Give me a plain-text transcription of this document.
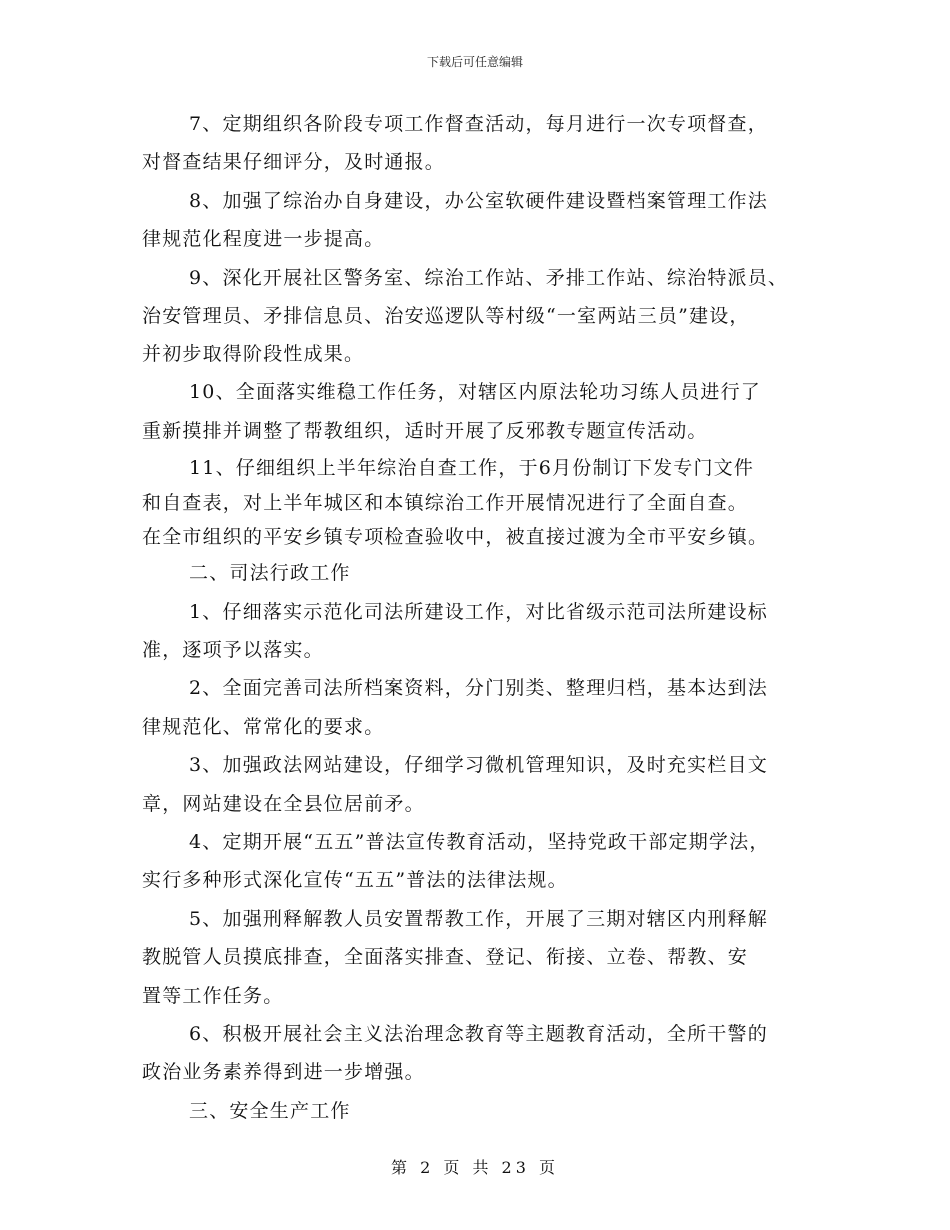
下载后可任意编辑
7、定期组织各阶段专项工作督查活动，每月进行一次专项督查，
对督查结果仔细评分，及时通报。
8、加强了综治办自身建设，办公室软硬件建设暨档案管理工作法
律规范化程度进一步提高。
9、深化开展社区警务室、综治工作站、矛排工作站、综治特派员、
治安管理员、矛排信息员、治安巡逻队等村级“一室两站三员”建设，
并初步取得阶段性成果。
10、全面落实维稳工作任务，对辖区内原法轮功习练人员进行了
重新摸排并调整了帮教组织，适时开展了反邪教专题宣传活动。
11、仔细组织上半年综治自查工作，于6月份制订下发专门文件
和自查表，对上半年城区和本镇综治工作开展情况进行了全面自查。
在全市组织的平安乡镇专项检查验收中，被直接过渡为全市平安乡镇。
二、司法行政工作
1、仔细落实示范化司法所建设工作，对比省级示范司法所建设标
准，逐项予以落实。
2、全面完善司法所档案资料，分门别类、整理归档，基本达到法
律规范化、常常化的要求。
3、加强政法网站建设，仔细学习微机管理知识，及时充实栏目文
章，网站建设在全县位居前矛。
4、定期开展“五五”普法宣传教育活动，坚持党政干部定期学法，
实行多种形式深化宣传“五五”普法的法律法规。
5、加强刑释解教人员安置帮教工作，开展了三期对辖区内刑释解
教脱管人员摸底排查，全面落实排查、登记、衔接、立卷、帮教、安
置等工作任务。
6、积极开展社会主义法治理念教育等主题教育活动，全所干警的
政治业务素养得到进一步增强。
三、安全生产工作
第 2 页 共 23 页
